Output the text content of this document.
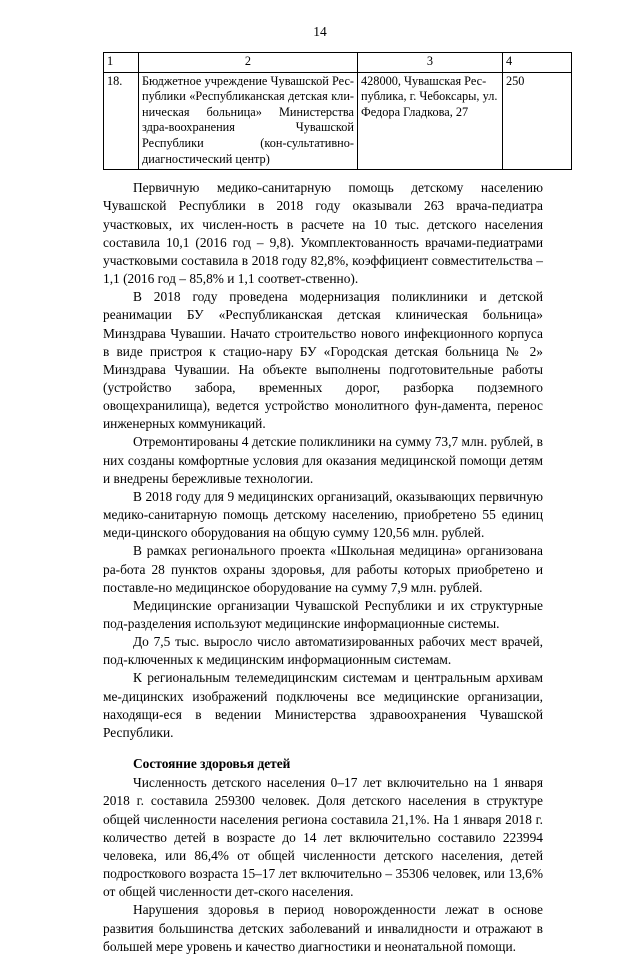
14
1	2	3	4
18.	Бюджетное учреждение Чувашской Рес-публики «Республиканская детская кли-ническая больница» Министерства здра-воохранения Чувашской Республики (кон-сультативно-диагностический центр)	428000, Чувашская Рес-публика, г. Чебоксары, ул. Федора Гладкова, 27	250

Первичную медико-санитарную помощь детскому населению Чувашской Республики в 2018 году оказывали 263 врача-педиатра участковых, их числен-ность в расчете на 10 тыс. детского населения составила 10,1 (2016 год – 9,8). Укомплектованность врачами-педиатрами участковыми составила в 2018 году 82,8%, коэффициент совместительства – 1,1 (2016 год – 85,8% и 1,1 соответ-ственно).

В 2018 году проведена модернизация поликлиники и детской реанимации БУ «Республиканская детская клиническая больница» Минздрава Чувашии. Начато строительство нового инфекционного корпуса в виде пристроя к стацио-нару БУ «Городская детская больница № 2» Минздрава Чувашии. На объекте выполнены подготовительные работы (устройство забора, временных дорог, разборка подземного овощехранилища), ведется устройство монолитного фун-дамента, перенос инженерных коммуникаций.

Отремонтированы 4 детские поликлиники на сумму 73,7 млн. рублей, в них созданы комфортные условия для оказания медицинской помощи детям и внедрены бережливые технологии.

В 2018 году для 9 медицинских организаций, оказывающих первичную медико-санитарную помощь детскому населению, приобретено 55 единиц меди-цинского оборудования на общую сумму 120,56 млн. рублей.

В рамках регионального проекта «Школьная медицина» организована ра-бота 28 пунктов охраны здоровья, для работы которых приобретено и поставле-но медицинское оборудование на сумму 7,9 млн. рублей.

Медицинские организации Чувашской Республики и их структурные под-разделения используют медицинские информационные системы.

До 7,5 тыс. выросло число автоматизированных рабочих мест врачей, под-ключенных к медицинским информационным системам.

К региональным телемедицинским системам и центральным архивам ме-дицинских изображений подключены все медицинские организации, находящи-еся в ведении Министерства здравоохранения Чувашской Республики.

Состояние здоровья детей

Численность детского населения 0–17 лет включительно на 1 января 2018 г. составила 259300 человек. Доля детского населения в структуре общей численности населения региона составила 21,1%. На 1 января 2018 г. количество детей в возрасте до 14 лет включительно составило 223994 человека, или 86,4% от общей численности детского населения, детей подросткового возраста 15–17 лет включительно – 35306 человек, или 13,6% от общей численности дет-ского населения.

Нарушения здоровья в период новорожденности лежат в основе развития большинства детских заболеваний и инвалидности и отражают в большей мере уровень и качество диагностики и неонатальной помощи.
